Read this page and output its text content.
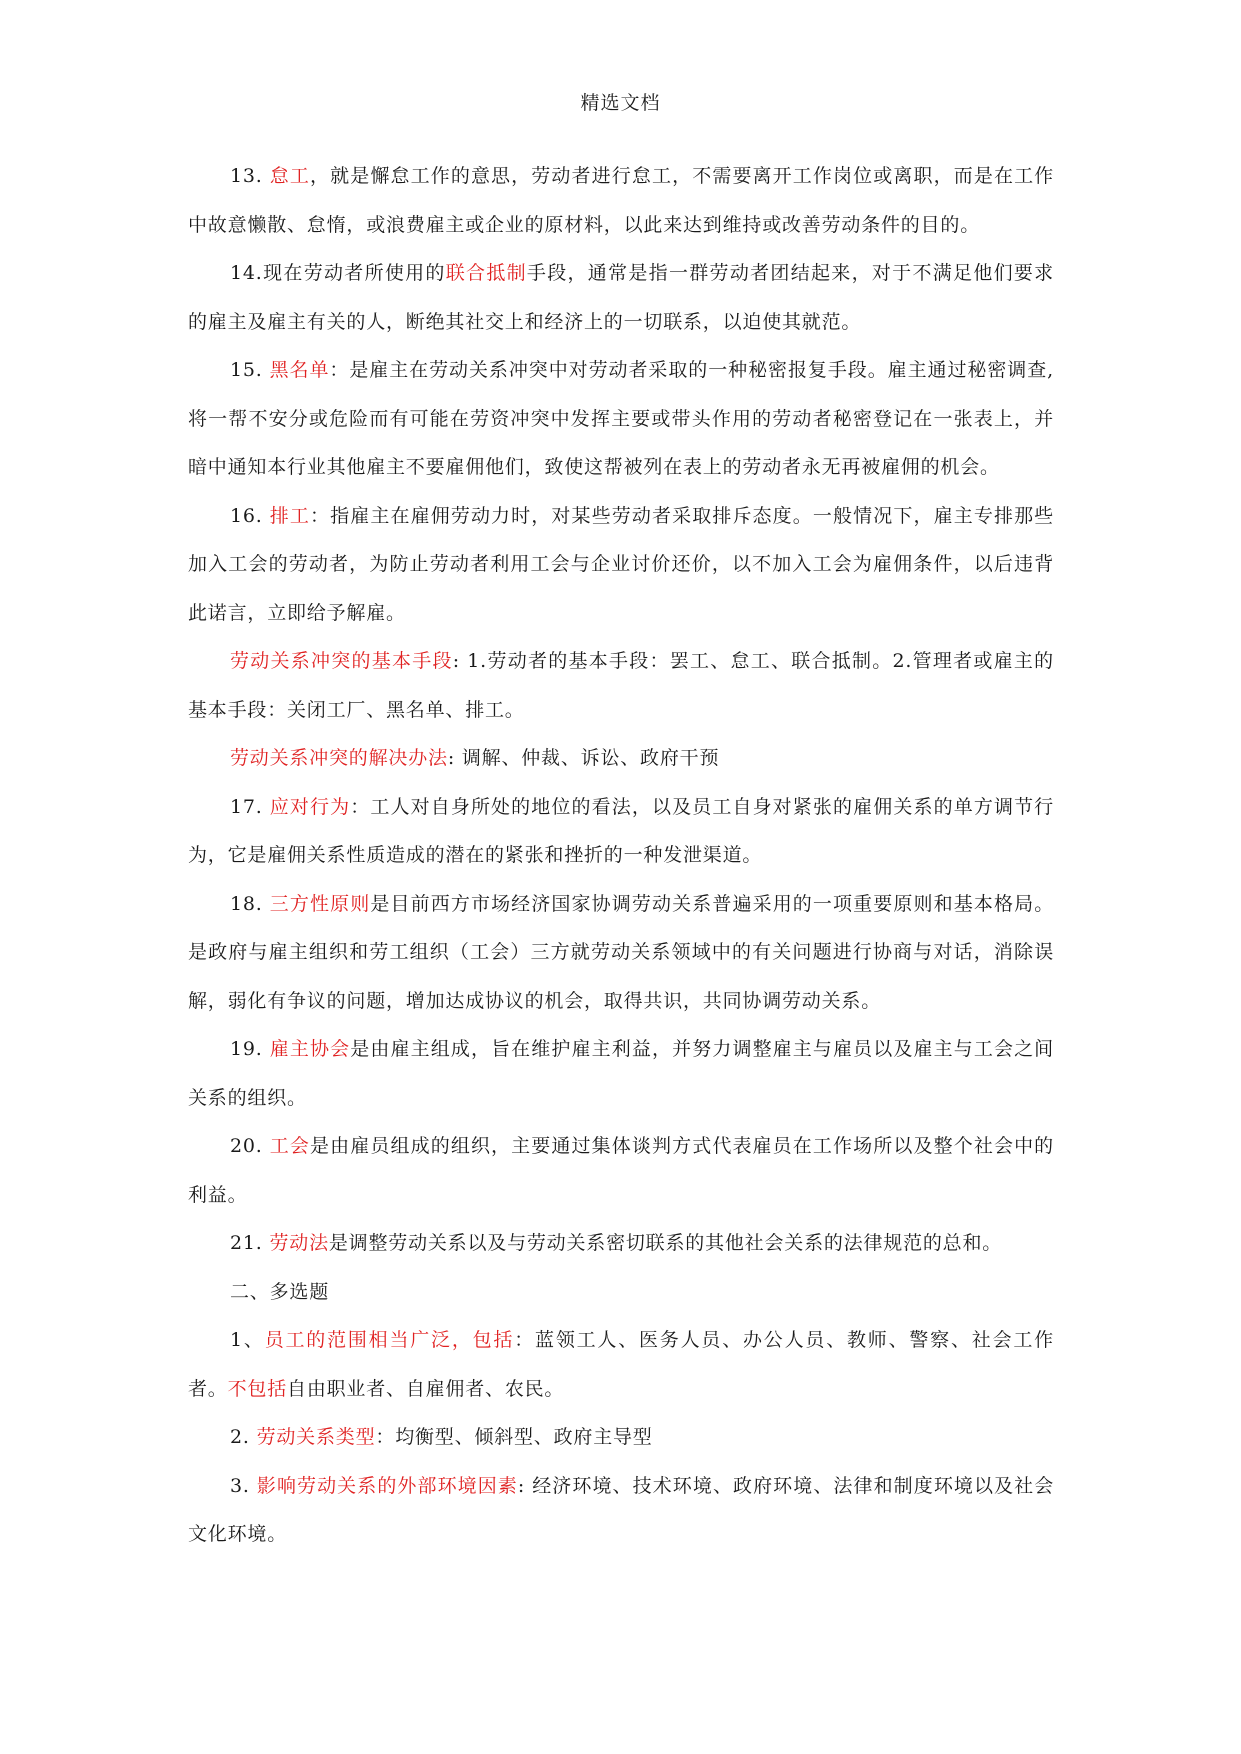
精选文档

13. 怠工，就是懈怠工作的意思，劳动者进行怠工，不需要离开工作岗位或离职，而是在工作中故意懒散、怠惰，或浪费雇主或企业的原材料，以此来达到维持或改善劳动条件的目的。

14.现在劳动者所使用的联合抵制手段，通常是指一群劳动者团结起来，对于不满足他们要求的雇主及雇主有关的人，断绝其社交上和经济上的一切联系，以迫使其就范。

15. 黑名单：是雇主在劳动关系冲突中对劳动者采取的一种秘密报复手段。雇主通过秘密调查,将一帮不安分或危险而有可能在劳资冲突中发挥主要或带头作用的劳动者秘密登记在一张表上，并暗中通知本行业其他雇主不要雇佣他们，致使这帮被列在表上的劳动者永无再被雇佣的机会。

16. 排工：指雇主在雇佣劳动力时，对某些劳动者采取排斥态度。一般情况下，雇主专排那些加入工会的劳动者，为防止劳动者利用工会与企业讨价还价，以不加入工会为雇佣条件，以后违背此诺言，立即给予解雇。

劳动关系冲突的基本手段: 1.劳动者的基本手段：罢工、怠工、联合抵制。2.管理者或雇主的基本手段：关闭工厂、黑名单、排工。

劳动关系冲突的解决办法: 调解、仲裁、诉讼、政府干预

17. 应对行为：工人对自身所处的地位的看法，以及员工自身对紧张的雇佣关系的单方调节行为，它是雇佣关系性质造成的潜在的紧张和挫折的一种发泄渠道。

18. 三方性原则是目前西方市场经济国家协调劳动关系普遍采用的一项重要原则和基本格局。是政府与雇主组织和劳工组织（工会）三方就劳动关系领域中的有关问题进行协商与对话，消除误解，弱化有争议的问题，增加达成协议的机会，取得共识，共同协调劳动关系。

19. 雇主协会是由雇主组成，旨在维护雇主利益，并努力调整雇主与雇员以及雇主与工会之间关系的组织。

20. 工会是由雇员组成的组织，主要通过集体谈判方式代表雇员在工作场所以及整个社会中的利益。

21. 劳动法是调整劳动关系以及与劳动关系密切联系的其他社会关系的法律规范的总和。

二、多选题

1、员工的范围相当广泛，包括：蓝领工人、医务人员、办公人员、教师、警察、社会工作者。不包括自由职业者、自雇佣者、农民。

2. 劳动关系类型：均衡型、倾斜型、政府主导型

3. 影响劳动关系的外部环境因素: 经济环境、技术环境、政府环境、法律和制度环境以及社会文化环境。
